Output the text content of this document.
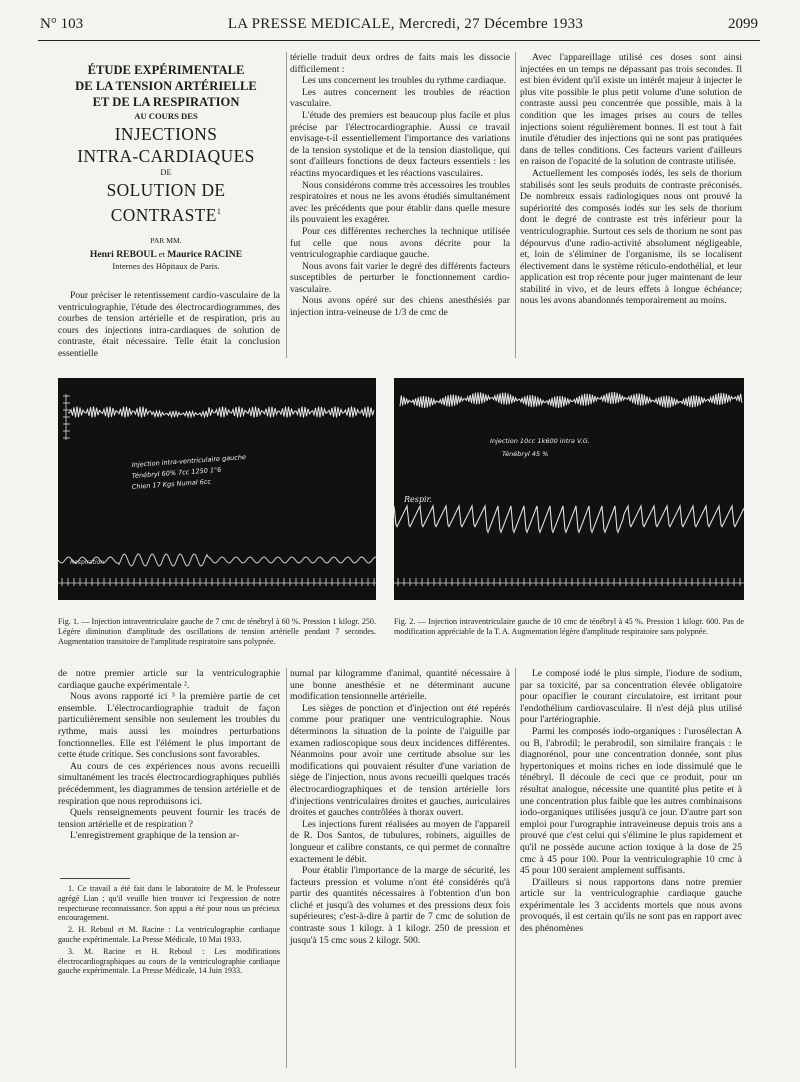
N° 103	LA PRESSE MEDICALE, Mercredi, 27 Décembre 1933	2099
ÉTUDE EXPÉRIMENTALE
DE LA TENSION ARTÉRIELLE
ET DE LA RESPIRATION
AU COURS DES
INJECTIONS
INTRA-CARDIAQUES
DE
SOLUTION DE CONTRASTE$^1$
PAR MM.
Henri REBOUL et Maurice RACINE
Internes des Hôpitaux de Paris.

Pour préciser le retentissement cardio-vasculaire de la ventriculographie, l'étude des électrocardiogrammes, des courbes de tension artérielle et de respiration, pris au cours des injections intra-cardiaques de solution de contraste, était nécessaire. Telle était la conclusion essentielle

térielle traduit deux ordres de faits mais les dissocie difficilement :

Les uns concernent les troubles du rythme cardiaque.

Les autres concernent les troubles de réaction vasculaire.

L'étude des premiers est beaucoup plus facile et plus précise par l'électrocardiographie. Aussi ce travail envisage-t-il essentiellement l'importance des variations de la tension systolique et de la tension diastolique, qui sont d'ailleurs fonctions de deux facteurs essentiels : les réactins myocardiques et les réactions vasculaires.

Nous considérons comme très accessoires les troubles respiratoires et nous ne les avons étudiés simultanément avec les précédents que pour établir dans quelle mesure ils pouvaient les exagérer.

Pour ces différentes recherches la technique utilisée fut celle que nous avons décrite pour la ventriculographie cardiaque gauche.

Nous avons fait varier le degré des différents facteurs susceptibles de perturber le fonctionnement cardio-vasculaire.

Nous avons opéré sur des chiens anesthésiés par injection intra-veineuse de 1/3 de cmc de

Avec l'appareillage utilisé ces doses sont ainsi injectées en un temps ne dépassant pas trois secondes. Il est bien évident qu'il existe un intérêt majeur à injecter le plus vite possible le plus petit volume d'une solution de contraste aussi peu concentrée que possible, mais à la condition que les images prises au cours de telles injections soient régulièrement bonnes. Il est tout à fait inutile d'étudier des injections qui ne sont pas pratiquées dans de telles conditions. Ces facteurs varient d'ailleurs en raison de l'opacité de la solution de contraste utilisée.

Actuellement les composés iodés, les sels de thorium stabilisés sont les seuls produits de contraste préconisés. De nombreux essais radiologiques nous ont prouvé la supériorité des composés iodés sur les sels de thorium dont le degré de contraste est très inférieur pour la ventriculographie. Surtout ces sels de thorium ne sont pas dépourvus d'une radio-activité absolument négligeable, et, loin de s'éliminer de l'organisme, ils se localisent électivement dans le système réticulo-endothélial, et leur application est trop récente pour juger maintenant de leur stabilité in vivo, et de leurs effets à longue échéance; nous les avons abandonnés temporairement au moins.

Injection intra-ventriculaire gauche
Ténébryl 60% 7cc 1250 1"6
Chien 17 Kgs Numal 6cc
Respiration
Injection 10cc 1k600 intra V.G.
Ténébryl 45 %
Respir.
Fig. 1. — Injection intraventriculaire gauche de 7 cmc de ténébryl à 60 %. Pression 1 kilogr. 250. Légère diminution d'amplitude des oscillations de tension artérielle pendant 7 secondes. Augmentation transitoire de l'amplitude respiratoire sans polypnée.
Fig. 2. — Injection intraventriculaire gauche de 10 cmc de ténébryl à 45 %. Pression 1 kilogr. 600. Pas de modification appréciable de la T. A. Augmentation légère d'amplitude respiratoire sans polypnée.

de notre premier article sur la ventriculographie cardiaque gauche expérimentale ².

Nous avons rapporté ici ³ la première partie de cet ensemble. L'électrocardiographie traduit de façon particulièrement sensible non seulement les troubles du rythme, mais aussi les moindres perturbations fonctionnelles. Elle est l'élément le plus important de cette étude critique. Ses conclusions sont favorables.

Au cours de ces expériences nous avons recueilli simultanément les tracés électrocardiographiques publiés précédemment, les diagrammes de tension artérielle et de respiration que nous reproduisons ici.

Quels renseignements peuvent fournir les tracés de tension artérielle et de respiration ?

L'enregistrement graphique de la tension ar-

1. Ce travail a été fait dans le laboratoire de M. le Professeur agrégé Lian ; qu'il veuille bien trouver ici l'expression de notre respectueuse reconnaissance. Son appui a été pour nous un précieux encouragement.

2. H. Reboul et M. Racine : La ventriculographie cardiaque gauche expérimentale. La Presse Médicale, 10 Mai 1933.

3. M. Racine et H. Reboul : Les modifications électrocardiographiques au cours de la ventriculographie cardiaque gauche expérimentale. La Presse Médicale, 14 Juin 1933.

numal par kilogramme d'animal, quantité nécessaire à une bonne anesthésie et ne déterminant aucune modification tensionnelle artérielle.

Les sièges de ponction et d'injection ont été repérés comme pour pratiquer une ventriculographie. Nous déterminons la situation de la pointe de l'aiguille par examen radioscopique sous deux incidences différentes. Néanmoins pour avoir une certitude absolue sur les modifications qui pouvaient résulter d'une variation de siège de l'injection, nous avons recueilli quelques tracés électrocardiographiques et de tension artérielle lors d'injections ventriculaires droites et gauches, auriculaires droites et gauches contrôlées à thorax ouvert.

Les injections furent réalisées au moyen de l'appareil de R. Dos Santos, de tubulures, robinets, aiguilles de longueur et calibre constants, ce qui permet de connaître exactement le débit.

Pour établir l'importance de la marge de sécurité, les facteurs pression et volume n'ont été considérés qu'à partir des quantités nécessaires à l'obtention d'un bon cliché et jusqu'à des volumes et des pressions deux fois supérieures; c'est-à-dire à partir de 7 cmc de solution de contraste sous 1 kilogr. à 1 kilogr. 250 de pression et jusqu'à 15 cmc sous 2 kilogr. 500.

Le composé iodé le plus simple, l'iodure de sodium, par sa toxicité, par sa concentration élevée obligatoire pour opacifier le courant circulatoire, est irritant pour l'endothélium cardiovasculaire. Il n'est déjà plus utilisé pour l'artériographie.

Parmi les composés iodo-organiques : l'urosélectan A ou B, l'abrodil; le perabrodil, son similaire français : le diagnorénol, pour une concentration donnée, sont plus hypertoniques et moins riches en iode dissimulé que le ténébryl. Il découle de ceci que ce produit, pour un résultat analogue, nécessite une quantité plus petite et à une concentration plus faible que les autres combinaisons iodo-organiques utilisées jusqu'à ce jour. D'autre part son emploi pour l'urographie intraveineuse depuis trois ans a prouvé que c'est celui qui s'élimine le plus rapidement et qu'il ne possède aucune action toxique à la dose de 25 cmc à 45 pour 100. Pour la ventriculographie 10 cmc à 45 pour 100 seraient amplement suffisants.

D'ailleurs si nous rapportons dans notre premier article sur la ventriculographie cardiaque gauche expérimentale les 3 accidents mortels que nous avons provoqués, il est certain qu'ils ne sont pas en rapport avec des phénomènes
